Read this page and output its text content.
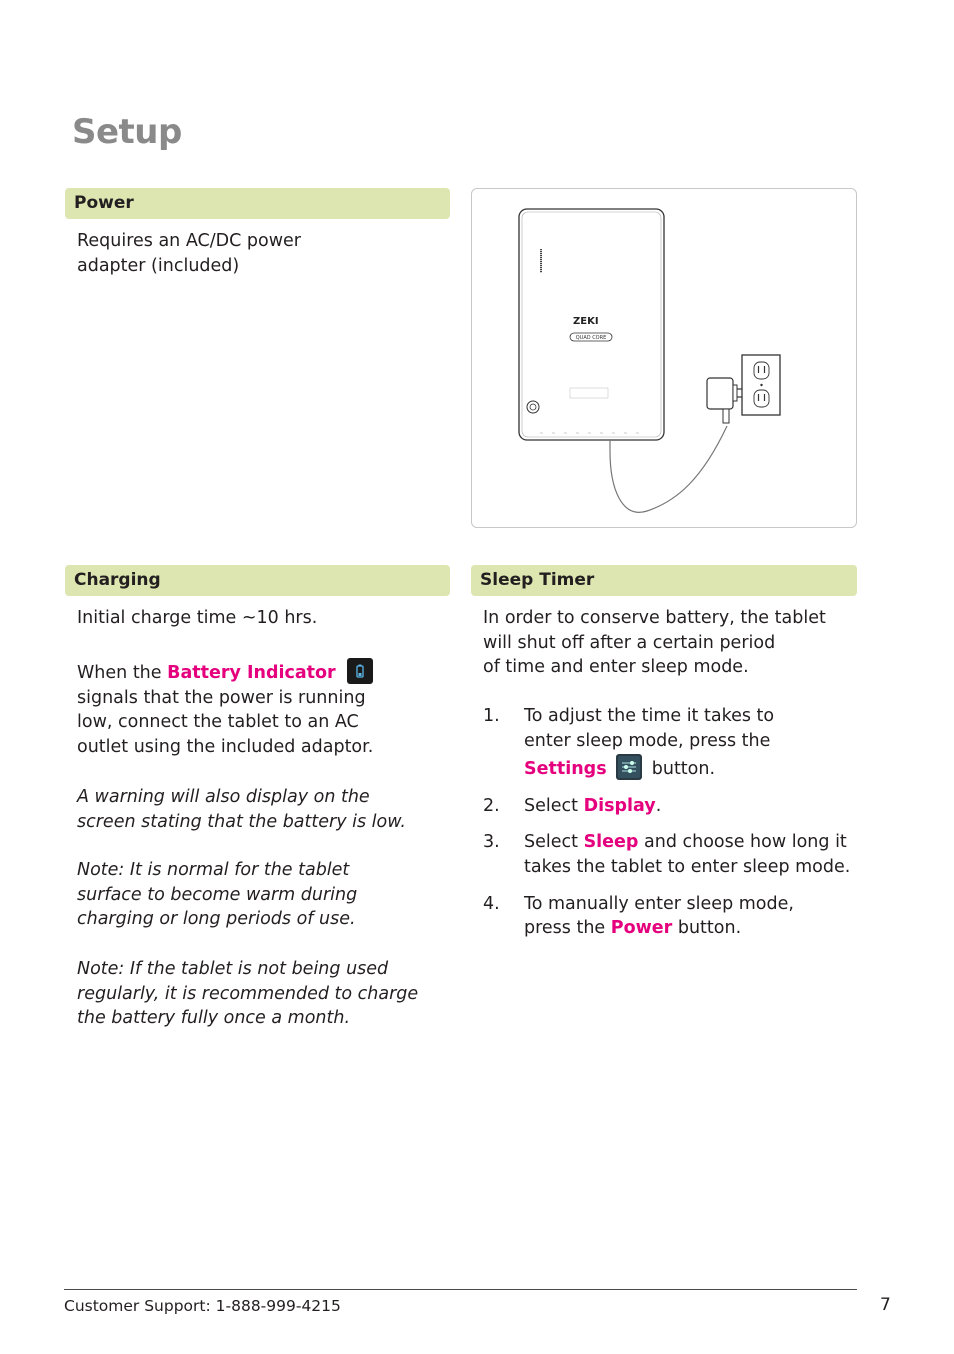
Setup
Power
Requires an AC/DC power
adapter (included)
ZEKI
QUAD CORE
Charging
Initial charge time ~10 hrs.
When the Battery Indicator
signals that the power is running
low, connect the tablet to an AC
outlet using the included adaptor.
A warning will also display on the
screen stating that the battery is low.
Note: It is normal for the tablet
surface to become warm during
charging or long periods of use.
Note: If the tablet is not being used
regularly, it is recommended to charge
the battery fully once a month.
Sleep Timer
In order to conserve battery, the tablet
will shut off after a certain period
of time and enter sleep mode.
1. To adjust the time it takes to
enter sleep mode, press the
Settings
button.
2. Select Display.
3. Select Sleep and choose how long it
takes the tablet to enter sleep mode.
4. To manually enter sleep mode,
press the Power button.
Customer Support: 1-888-999-4215	7
